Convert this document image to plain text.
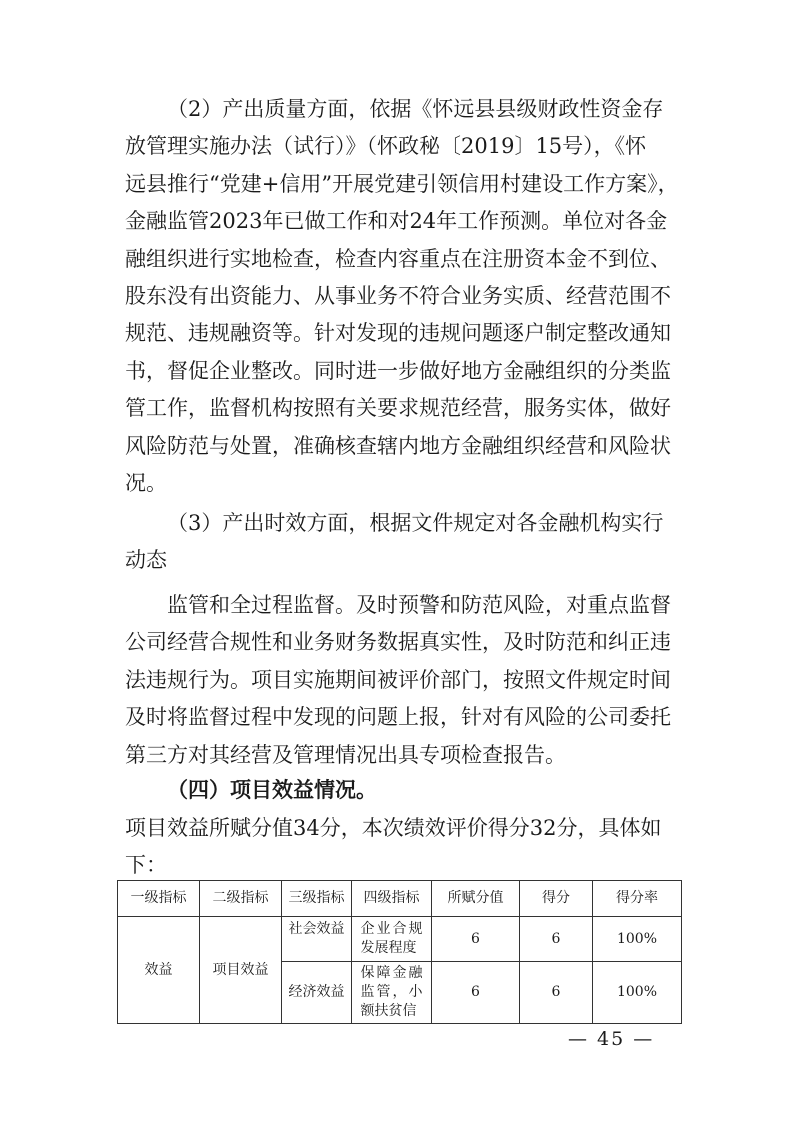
（2）产出质量方面，依据《怀远县县级财政性资金存
放管理实施办法（试行）》（怀政秘〔2019〕15号），《怀
远县推行“党建+信用”开展党建引领信用村建设工作方案》，
金融监管2023年已做工作和对24年工作预测。单位对各金
融组织进行实地检查，检查内容重点在注册资本金不到位、
股东没有出资能力、从事业务不符合业务实质、经营范围不
规范、违规融资等。针对发现的违规问题逐户制定整改通知
书，督促企业整改。同时进一步做好地方金融组织的分类监
管工作，监督机构按照有关要求规范经营，服务实体，做好
风险防范与处置，准确核查辖内地方金融组织经营和风险状
况。
（3）产出时效方面，根据文件规定对各金融机构实行
动态
监管和全过程监督。及时预警和防范风险，对重点监督
公司经营合规性和业务财务数据真实性，及时防范和纠正违
法违规行为。项目实施期间被评价部门，按照文件规定时间
及时将监督过程中发现的问题上报，针对有风险的公司委托
第三方对其经营及管理情况出具专项检查报告。
（四）项目效益情况。
项目效益所赋分值34分，本次绩效评价得分32分，具体如
下：
一级指标	二级指标	三级指标	四级指标	所赋分值	得分	得分率
效益	项目效益	社会效益	企业合规发展程度	6	6	100%
		经济效益	保障金融监管，小额扶贫信	6	6	100%
— 45 —
